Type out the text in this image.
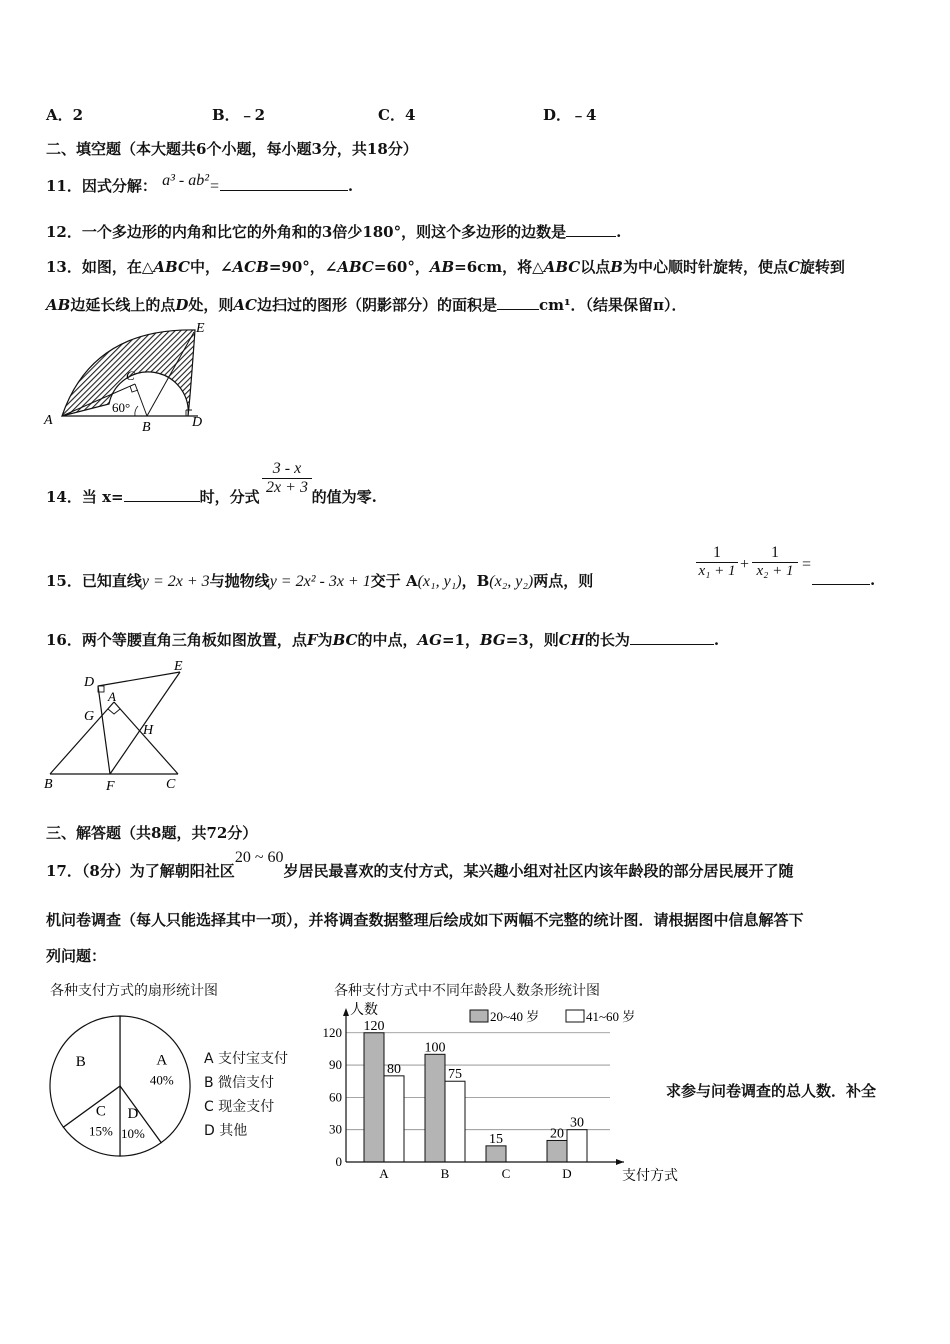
A．2	B．﹣2	C．4	D．﹣4
二、填空题（本大题共6个小题，每小题3分，共18分）
11．因式分解： a³ - ab²=	.
12．一个多边形的内角和比它的外角和的3倍少180°，则这个多边形的边数是	.
13．如图，在△ABC中，∠ACB=90°，∠ABC=60°，AB=6cm，将△ABC以点B为中心顺时针旋转，使点C旋转到
AB边延长线上的点D处，则AC边扫过的图形（阴影部分）的面积是	cm¹．（结果保留π）．
A	B
C
D
E
60°
14．当 x=	时，分式	的值为零.
$\frac{3 - x}{2x + 3}$
15．已知直线y = 2x + 3与抛物线y = 2x² - 3x + 1交于 A(x₁, y₁)，B(x₂, y₂)两点，则
$\frac{1}{\text{x₁ + 1}} + \frac{1}{\text{x₂ + 1}}$ =
.
16．两个等腰直角三角板如图放置，点F为BC的中点，AG=1，BG=3，则CH的长为	.
D
A
E
G
H
B	F	C
三、解答题（共8题，共72分）
17．（8分）为了解朝阳社区20 ~ 60岁居民最喜欢的支付方式，某兴趣小组对社区内该年龄段的部分居民展开了随
机问卷调查（每人只能选择其中一项），并将调查数据整理后绘成如下两幅不完整的统计图．请根据图中信息解答下
列问题：
求参与问卷调查的总人数．补全
各种支付方式的扇形统计图
A
40%
D
10%
C
15%
B	A 支付宝支付
B 微信支付
C 现金支付
D 其他
各种支付方式中不同年龄段人数条形统计图
120
80
100
75
15	20
30
0
30
60
90
120
A	B	C	D
人数
支付方式
20~40 岁	41~60 岁
